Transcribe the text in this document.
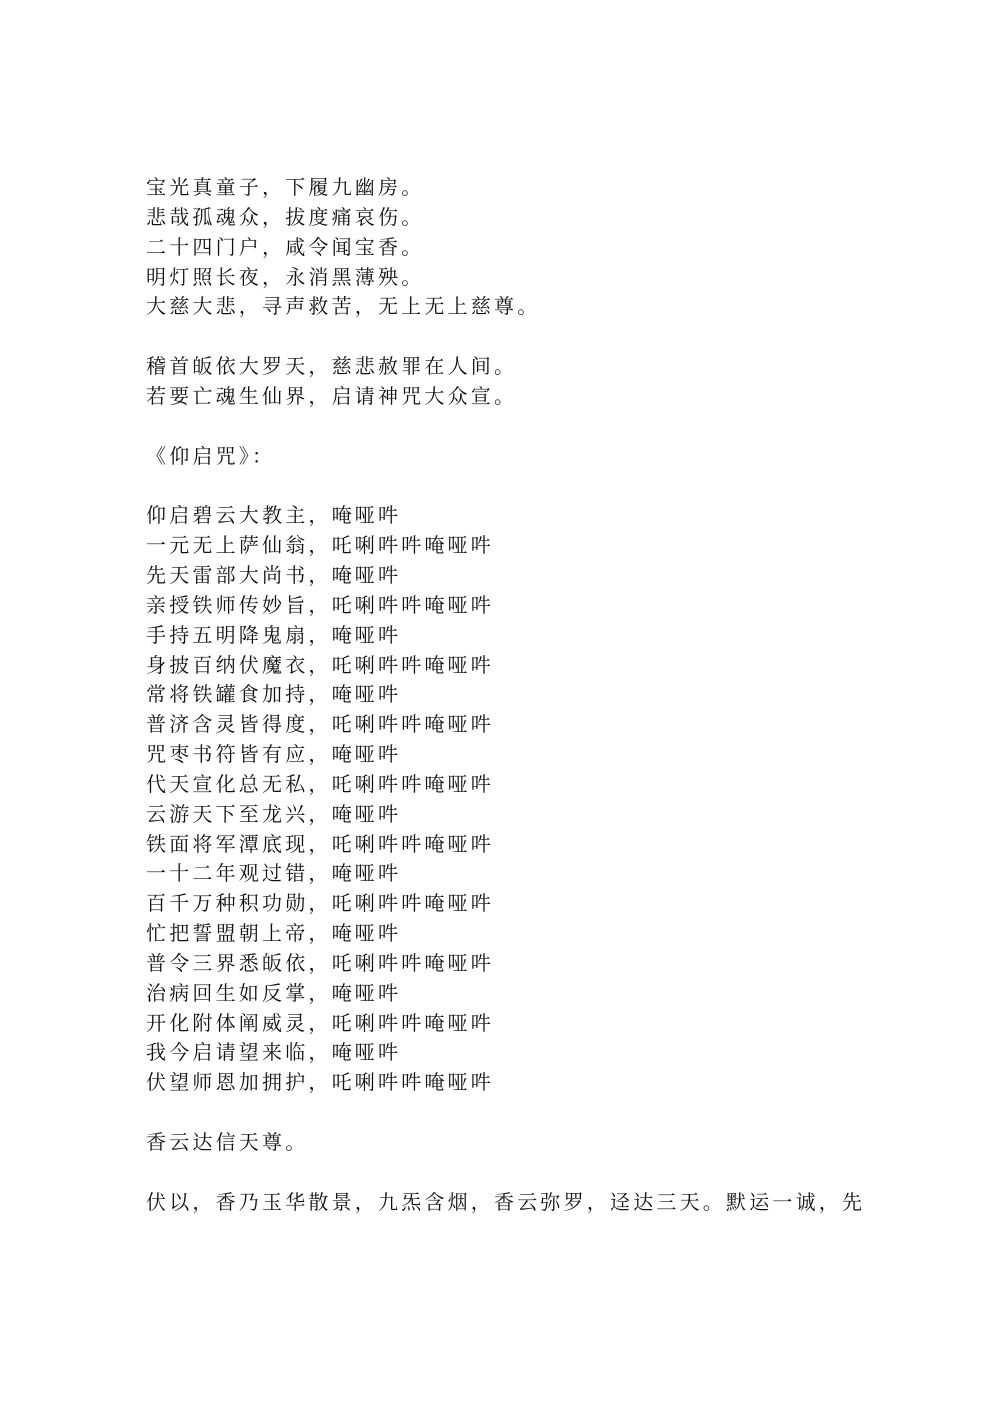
宝光真童子，下履九幽房。
悲哉孤魂众，拔度痛哀伤。
二十四门户，咸令闻宝香。
明灯照长夜，永消黑薄殃。
大慈大悲，寻声救苦，无上无上慈尊。
稽首皈依大罗天，慈悲赦罪在人间。
若要亡魂生仙界，启请神咒大众宣。
《仰启咒》：
仰启碧云大教主，唵哑吽
一元无上萨仙翁，吒唎吽吽唵哑吽
先天雷部大尚书，唵哑吽
亲授铁师传妙旨，吒唎吽吽唵哑吽
手持五明降鬼扇，唵哑吽
身披百纳伏魔衣，吒唎吽吽唵哑吽
常将铁罐食加持，唵哑吽
普济含灵皆得度，吒唎吽吽唵哑吽
咒枣书符皆有应，唵哑吽
代天宣化总无私，吒唎吽吽唵哑吽
云游天下至龙兴，唵哑吽
铁面将军潭底现，吒唎吽吽唵哑吽
一十二年观过错，唵哑吽
百千万种积功勋，吒唎吽吽唵哑吽
忙把誓盟朝上帝，唵哑吽
普令三界悉皈依，吒唎吽吽唵哑吽
治病回生如反掌，唵哑吽
开化附体阐威灵，吒唎吽吽唵哑吽
我今启请望来临，唵哑吽
伏望师恩加拥护，吒唎吽吽唵哑吽
香云达信天尊。
伏以，香乃玉华散景，九炁含烟，香云弥罗，迳达三天。默运一诚，先
